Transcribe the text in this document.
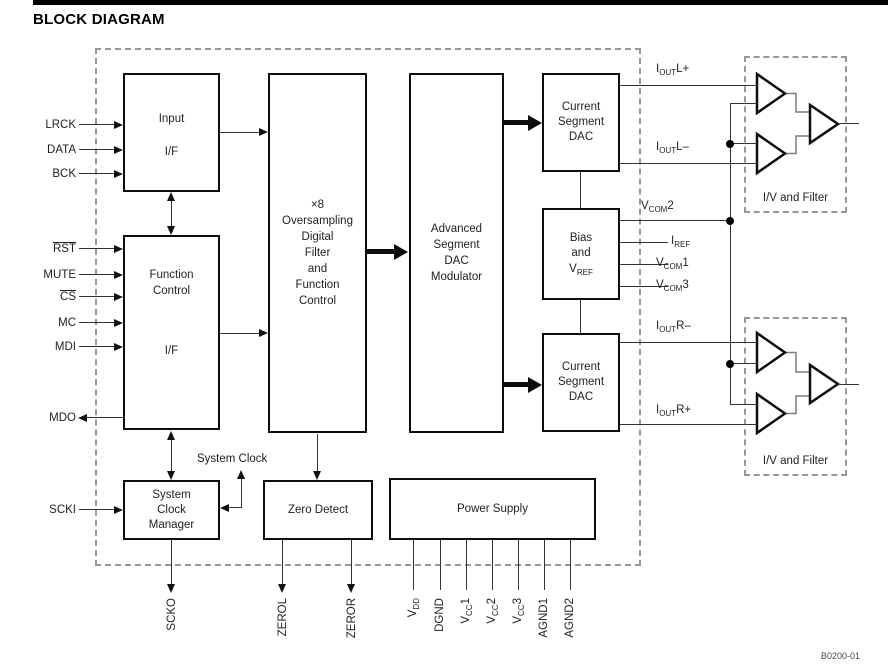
BLOCK DIAGRAM
Input
I/F
Function
Control
I/F
×8
Oversampling
Digital
Filter
and
Function
Control
Advanced
Segment
DAC
Modulator
Current
Segment
DAC
Bias
and
$V_{REF}$
Current
Segment
DAC
System
Clock
Manager
Zero Detect	Power Supply
I/V and Filter
I/V and Filter
LRCK
DATA
BCK
$\overline{RST}$
MUTE
$\overline{CS}$
MC
MDI
MDO
SCKI
System Clock
$I_{OUT}L+$
$I_{OUT}L-$
$V_{COM}2$
$I_{REF}$
$V_{COM}1$
$V_{COM}3$
$I_{OUT}R-$
$I_{OUT}R+$
SCKO	ZEROL	ZEROR	$V_{DD}$ DGND $V_{CC}1$
$V_{CC}2$
$V_{CC}3$ AGND1 AGND2
B0200-01
